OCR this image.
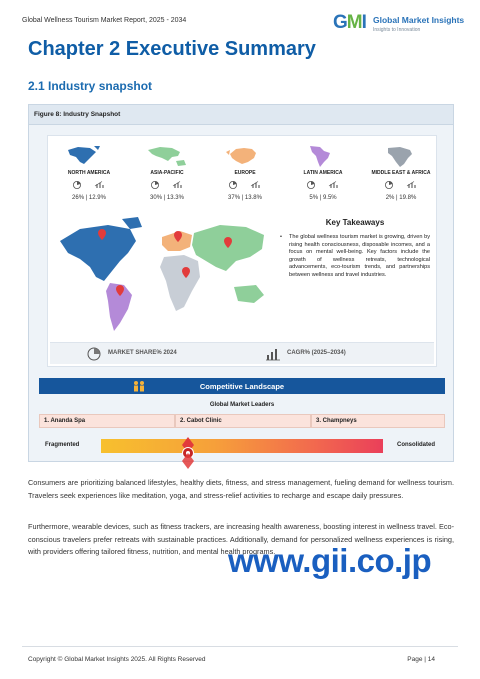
Global Wellness Tourism Market Report, 2025 - 2034	GMI Global Market Insights
Insights to Innovation
Chapter 2 Executive Summary
2.1 Industry snapshot
Figure 8: Industry Snapshot
NORTH AMERICA
26% | 12.9%
ASIA-PACIFIC
30% | 13.3%
EUROPE
37% | 13.8%
LATIN AMERICA
5% | 9.5%
MIDDLE EAST & AFRICA
2% | 19.8%
Key Takeaways
• The global wellness tourism market is growing, driven by rising health consciousness, disposable incomes, and a focus on mental well-being. Key factors include the growth of wellness retreats, technological advancements, eco-tourism trends, and partnerships between wellness and travel industries.
MARKET SHARE% 2024	CAGR% (2025–2034)
Competitive Landscape
Global Market Leaders
1. Ananda Spa	2. Cabot Clinic	3. Champneys
Fragmented	Consolidated
Consumers are prioritizing balanced lifestyles, healthy diets, fitness, and stress management, fueling demand for wellness tourism. Travelers seek experiences like meditation, yoga, and stress-relief activities to recharge and escape daily pressures.
Furthermore, wearable devices, such as fitness trackers, are increasing health awareness, boosting interest in wellness travel. Eco-conscious travelers prefer retreats with sustainable practices. Additionally, demand for personalized wellness experiences is rising, with providers offering tailored fitness, nutrition, and mental health programs.
www.gii.co.jp
Copyright © Global Market Insights 2025. All Rights Reserved	Page | 14
